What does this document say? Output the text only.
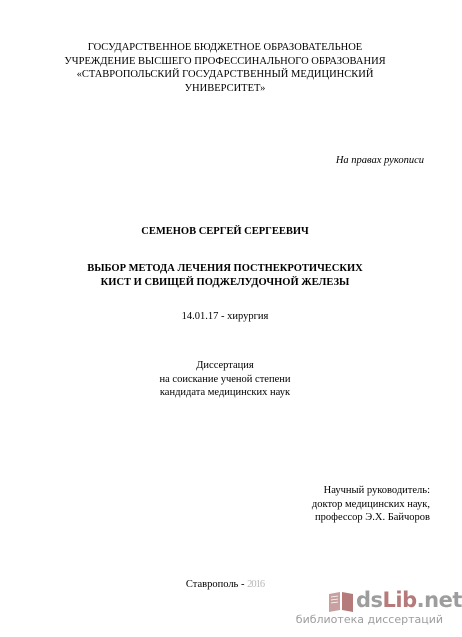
ГОСУДАРСТВЕННОЕ БЮДЖЕТНОЕ ОБРАЗОВАТЕЛЬНОЕ
УЧРЕЖДЕНИЕ ВЫСШЕГО ПРОФЕССИНАЛЬНОГО ОБРАЗОВАНИЯ
«СТАВРОПОЛЬСКИЙ ГОСУДАРСТВЕННЫЙ МЕДИЦИНСКИЙ
УНИВЕРСИТЕТ»
На правах рукописи
СЕМЕНОВ СЕРГЕЙ СЕРГЕЕВИЧ
ВЫБОР МЕТОДА ЛЕЧЕНИЯ ПОСТНЕКРОТИЧЕСКИХ
КИСТ И СВИЩЕЙ ПОДЖЕЛУДОЧНОЙ ЖЕЛЕЗЫ
14.01.17 - хирургия
Диссертация
на соискание ученой степени
кандидата медицинских наук
Научный руководитель:
доктор медицинских наук,
профессор Э.Х. Байчоров
Ставрополь - 2016
dsLib.net
библиотека диссертаций
